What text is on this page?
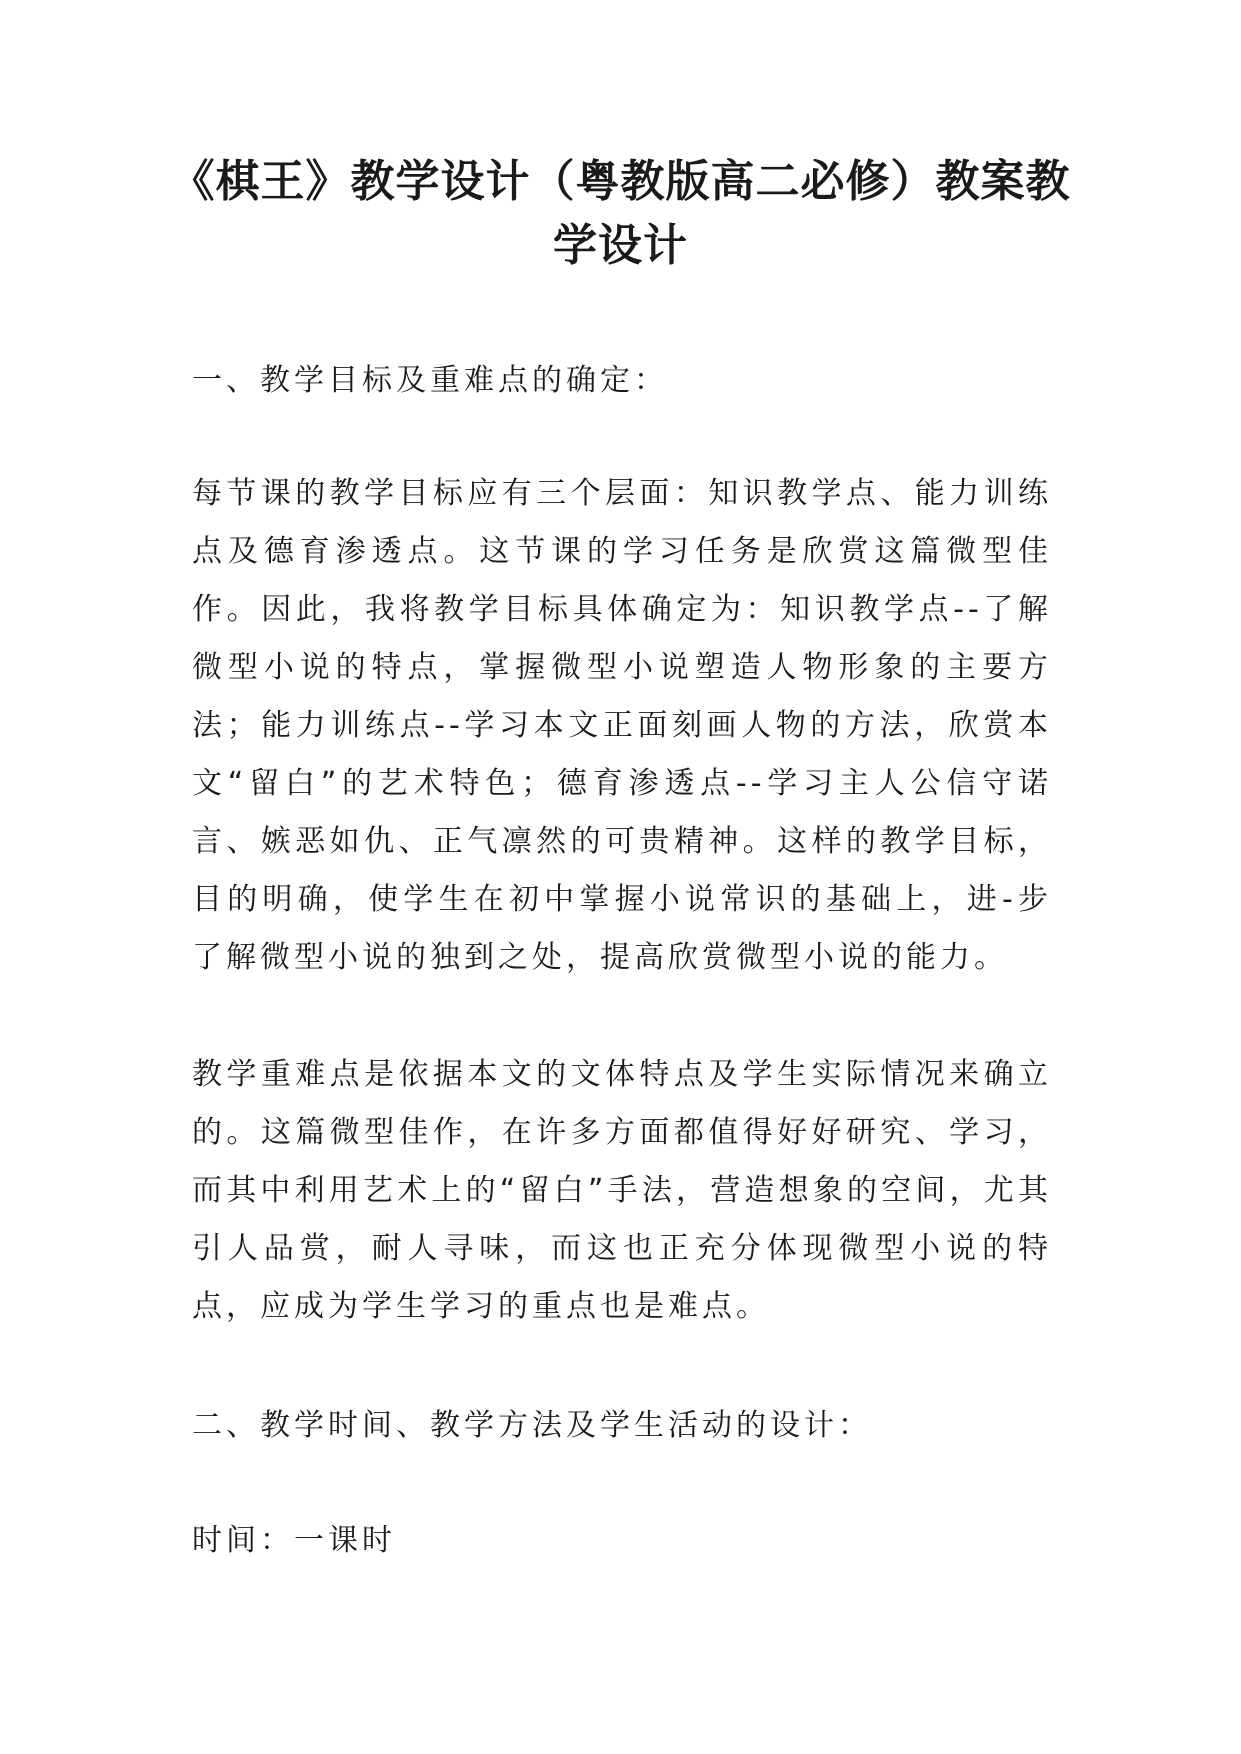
《棋王》教学设计（粤教版高二必修）教案教学设计

一、教学目标及重难点的确定：

每节课的教学目标应有三个层面：知识教学点、能力训练点及德育渗透点。这节课的学习任务是欣赏这篇微型佳作。因此，我将教学目标具体确定为：知识教学点--了解微型小说的特点，掌握微型小说塑造人物形象的主要方法；能力训练点--学习本文正面刻画人物的方法，欣赏本文“留白”的艺术特色；德育渗透点--学习主人公信守诺言、嫉恶如仇、正气凛然的可贵精神。这样的教学目标，目的明确，使学生在初中掌握小说常识的基础上，进-步了解微型小说的独到之处，提高欣赏微型小说的能力。

教学重难点是依据本文的文体特点及学生实际情况来确立的。这篇微型佳作，在许多方面都值得好好研究、学习，而其中利用艺术上的“留白”手法，营造想象的空间，尤其引人品赏，耐人寻味，而这也正充分体现微型小说的特点，应成为学生学习的重点也是难点。

二、教学时间、教学方法及学生活动的设计：

时间：一课时
